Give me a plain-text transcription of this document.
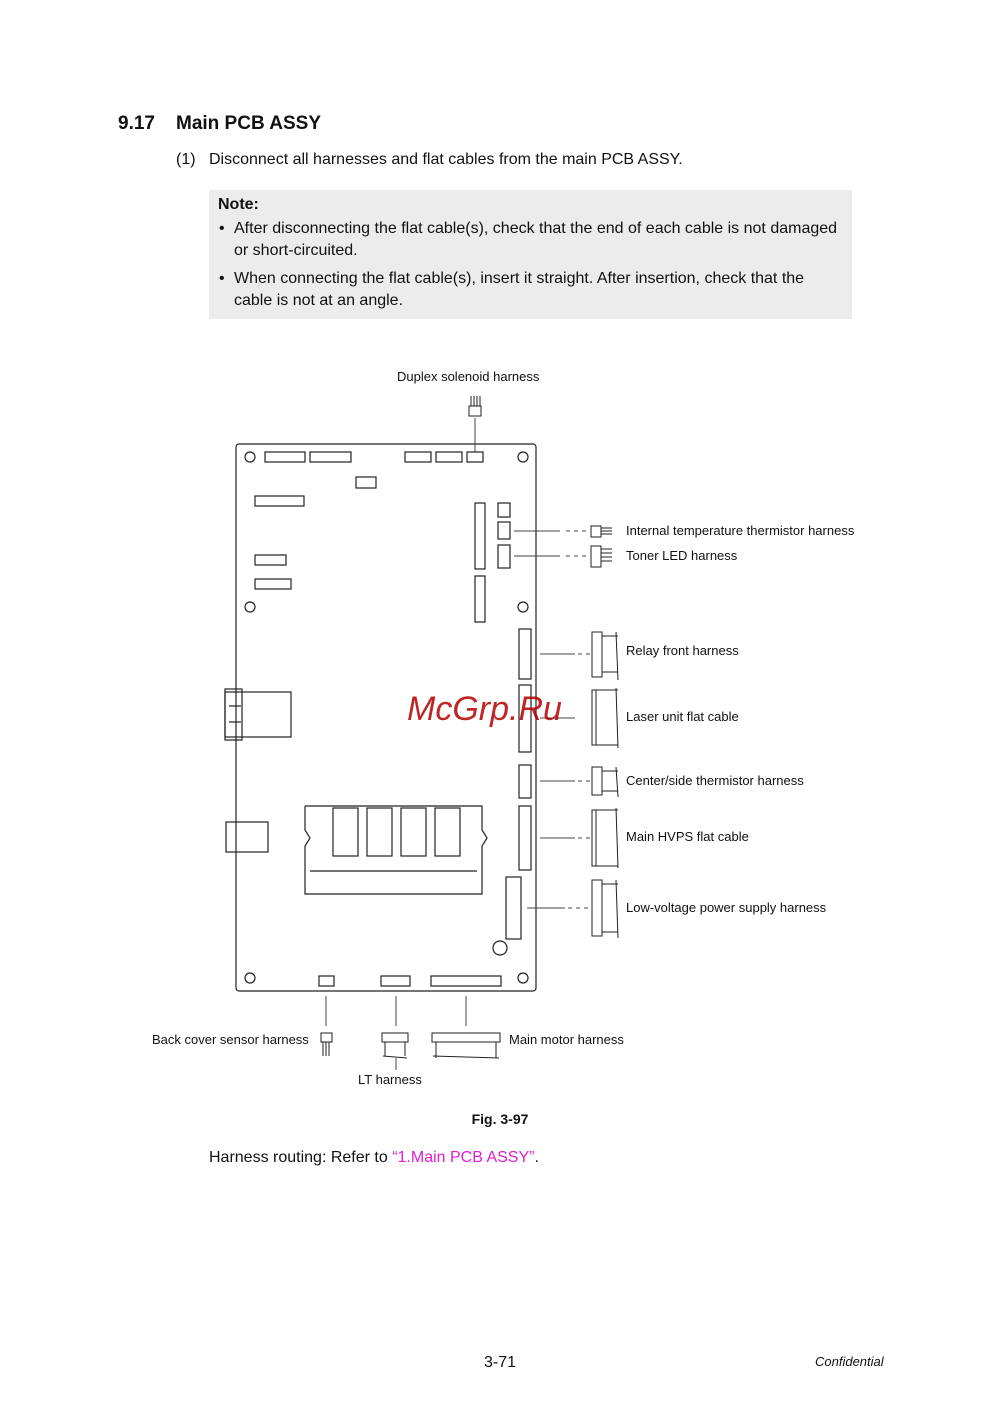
9.17 Main PCB ASSY
(1) Disconnect all harnesses and flat cables from the main PCB ASSY.
Note:
• After disconnecting the flat cable(s), check that the end of each cable is not damaged or short-circuited.
• When connecting the flat cable(s), insert it straight. After insertion, check that the cable is not at an angle.
Duplex solenoid harness
Internal temperature thermistor harness
Toner LED harness
Relay front harness
Laser unit flat cable
Center/side thermistor harness
Main HVPS flat cable
Low-voltage power supply harness
Back cover sensor harness	Main motor harness
LT harness
McGrp.Ru
Fig. 3-97
Harness routing: Refer to “1.Main PCB ASSY”.
3-71	Confidential
